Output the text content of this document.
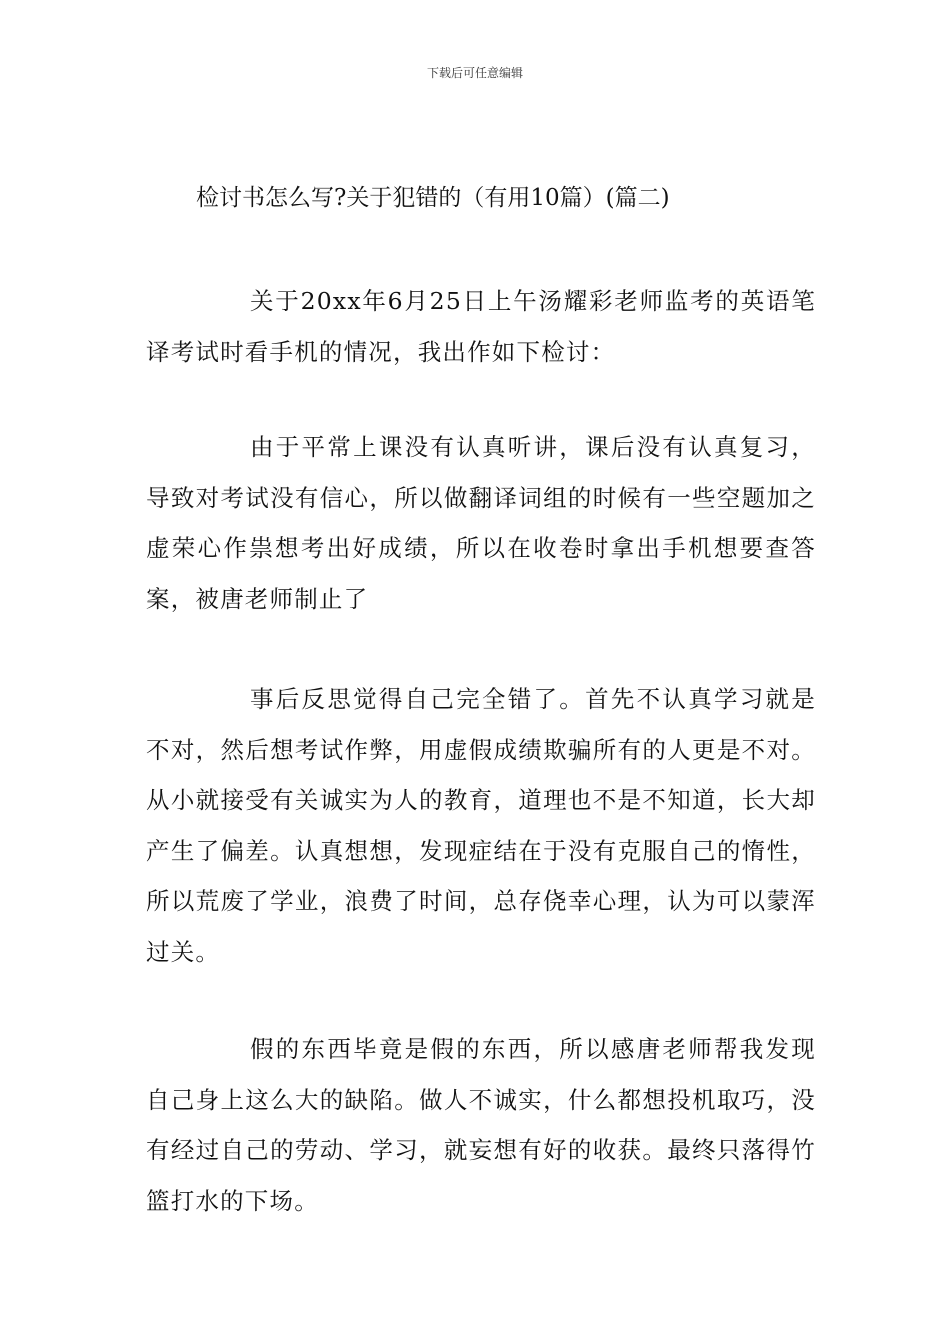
下载后可任意编辑
检讨书怎么写?关于犯错的（有用10篇）(篇二)

关于20xx年6月25日上午汤耀彩老师监考的英语笔译考试时看手机的情况，我出作如下检讨：

由于平常上课没有认真听讲，课后没有认真复习，导致对考试没有信心，所以做翻译词组的时候有一些空题加之虚荣心作祟想考出好成绩，所以在收卷时拿出手机想要查答案，被唐老师制止了

事后反思觉得自己完全错了。首先不认真学习就是不对，然后想考试作弊，用虚假成绩欺骗所有的人更是不对。从小就接受有关诚实为人的教育，道理也不是不知道，长大却产生了偏差。认真想想，发现症结在于没有克服自己的惰性，所以荒废了学业，浪费了时间，总存侥幸心理，认为可以蒙浑过关。

假的东西毕竟是假的东西，所以感唐老师帮我发现自己身上这么大的缺陷。做人不诚实，什么都想投机取巧，没有经过自己的劳动、学习，就妄想有好的收获。最终只落得竹篮打水的下场。
